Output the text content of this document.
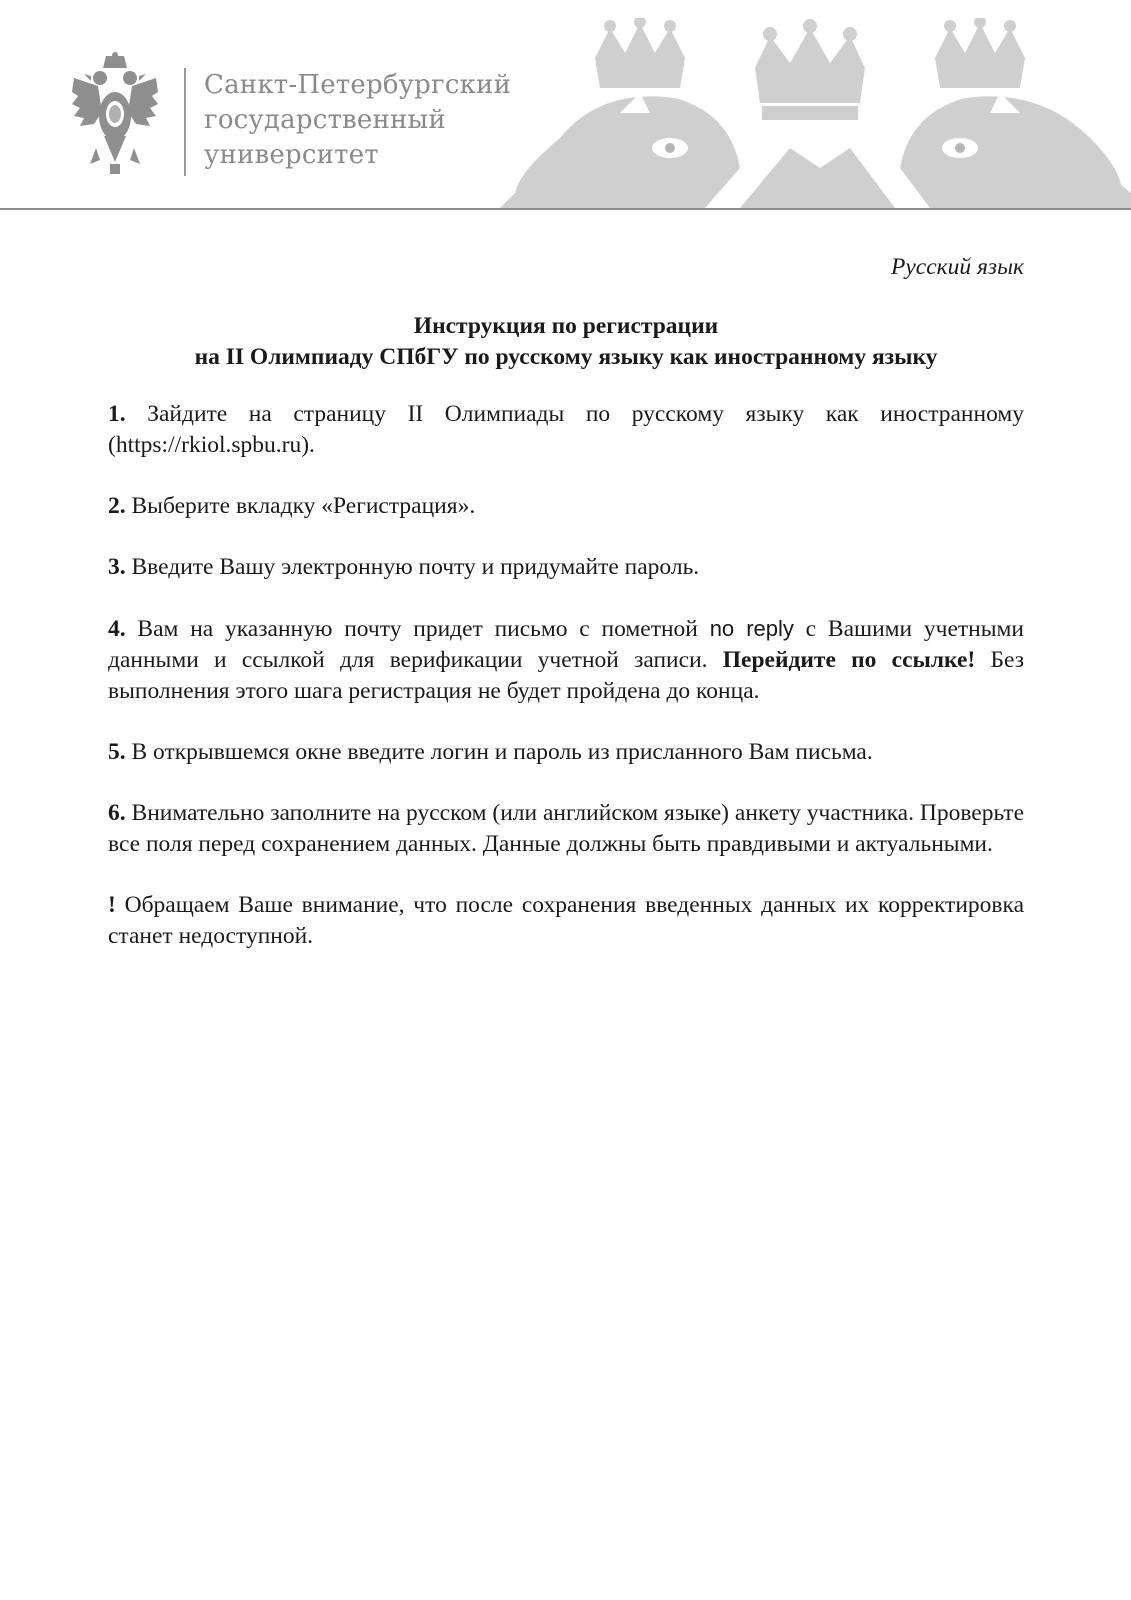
Санкт-Петербургский
государственный
университет
Русский язык
Инструкция по регистрации
на II Олимпиаду СПбГУ по русскому языку как иностранному языку

1. Зайдите на страницу II Олимпиады по русскому языку как иностранному (https://rkiol.spbu.ru).

2. Выберите вкладку «Регистрация».

3. Введите Вашу электронную почту и придумайте пароль.

4. Вам на указанную почту придет письмо с пометной no reply с Вашими учетными данными и ссылкой для верификации учетной записи. Перейдите по ссылке! Без выполнения этого шага регистрация не будет пройдена до конца.

5. В открывшемся окне введите логин и пароль из присланного Вам письма.

6. Внимательно заполните на русском (или английском языке) анкету участника. Проверьте все поля перед сохранением данных. Данные должны быть правдивыми и актуальными.

! Обращаем Ваше внимание, что после сохранения введенных данных их корректировка станет недоступной.
